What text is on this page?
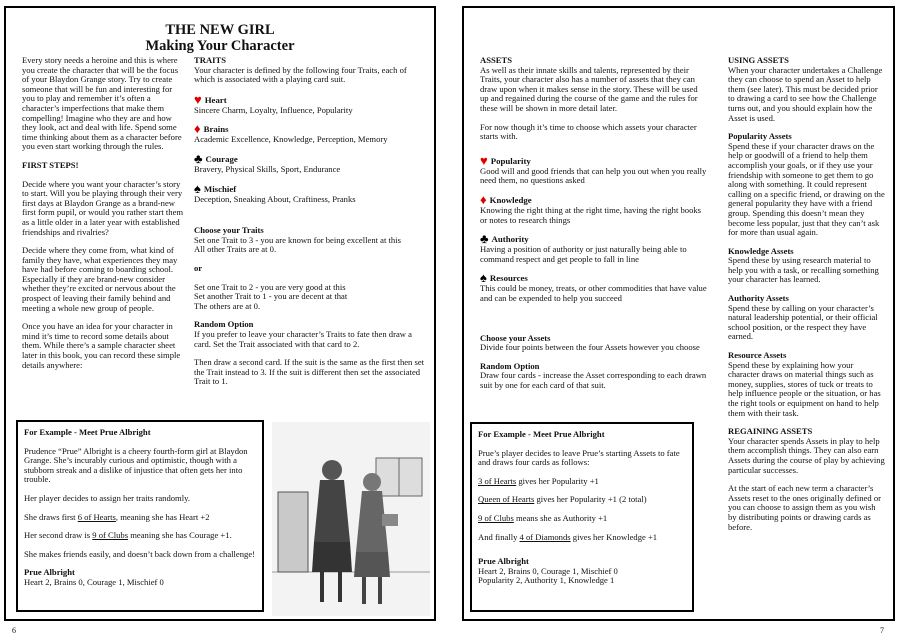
THE NEW GIRL
Making Your Character

Every story needs a heroine and this is where you create the character that will be the focus of your Blaydon Grange story. Try to create someone that will be fun and interesting for you to play and remember it’s often a character’s imperfections that make them compelling! Imagine who they are and how they look, act and deal with life. Spend some time thinking about them as a character before you even start working through the rules.

FIRST STEPS!

Decide where you want your character’s story to start. Will you be playing through their very first days at Blaydon Grange as a brand-new first form pupil, or would you rather start them as a little older in a later year with established friendships and rivalries?

Decide where they come from, what kind of family they have, what experiences they may have had before coming to boarding school. Especially if they are brand-new consider whether they’re excited or nervous about the prospect of leaving their family behind and meeting a whole new group of people.

Once you have an idea for your character in mind it’s time to record some details about them. While there’s a sample character sheet later in this book, you can record these simple details anywhere:

TRAITS

Your character is defined by the following four Traits, each of which is associated with a playing card suit.

♥ Heart
Sincere Charm, Loyalty, Influence, Popularity
♦ Brains
Academic Excellence, Knowledge, Perception, Memory
♣ Courage
Bravery, Physical Skills, Sport, Endurance
♠ Mischief
Deception, Sneaking About, Craftiness, Pranks
Choose your Traits
Set one Trait to 3 - you are known for being excellent at this

All other Traits are at 0.

or

Set one Trait to 2 - you are very good at this
Set another Trait to 1 - you are decent at that

The others are at 0.

Random Option

If you prefer to leave your character’s Traits to fate then draw a card. Set the Trait associated with that card to 2.

Then draw a second card. If the suit is the same as the first then set the Trait instead to 3. If the suit is different then set the associated Trait to 1.

For Example - Meet Prue Albright

Prudence “Prue” Albright is a cheery fourth-form girl at Blaydon Grange. She’s incurably curious and optimistic, though with a stubborn streak and a dislike of injustice that often gets her into trouble.

Her player decides to assign her traits randomly.

She draws first 6 of Hearts, meaning she has Heart +2

Her second draw is 9 of Clubs meaning she has Courage +1.

She makes friends easily, and doesn’t back down from a challenge!

Prue Albright
Heart 2, Brains 0, Courage 1, Mischief 0
6
ASSETS

As well as their innate skills and talents, represented by their Traits, your character also has a number of assets that they can draw upon when it makes sense in the story. These will be used up and regained during the course of the game and the rules for these will be shown in more detail later.

For now though it’s time to choose which assets your character starts with.

♥ Popularity
Good will and good friends that can help you out when you really need them, no questions asked
♦ Knowledge
Knowing the right thing at the right time, having the right books or notes to research things
♣ Authority
Having a position of authority or just naturally being able to command respect and get people to fall in line
♠ Resources
This could be money, treats, or other commodities that have value and can be expended to help you succeed
Choose your Assets

Divide four points between the four Assets however you choose

Random Option

Draw four cards - increase the Asset corresponding to each drawn suit by one for each card of that suit.

For Example - Meet Prue Albright

Prue’s player decides to leave Prue’s starting Assets to fate and draws four cards as follows:

3 of Hearts gives her Popularity +1

Queen of Hearts gives her Popularity +1 (2 total)

9 of Clubs means she as Authority +1

And finally 4 of Diamonds gives her Knowledge +1

Prue Albright
Heart 2, Brains 0, Courage 1, Mischief 0
Popularity 2, Authority 1, Knowledge 1
USING ASSETS

When your character undertakes a Challenge they can choose to spend an Asset to help them (see later). This must be decided prior to drawing a card to see how the Challenge turns out, and you should explain how the Asset is used.

Popularity Assets

Spend these if your character draws on the help or goodwill of a friend to help them accomplish your goals, or if they use your friendship with someone to get them to go along with something. It could represent calling on a specific friend, or drawing on the general popularity they have with a friend group. Spending this doesn’t mean they become less popular, just that they can’t ask for more than usual again.

Knowledge Assets

Spend these by using research material to help you with a task, or recalling something your character has learned.

Authority Assets

Spend these by calling on your character’s natural leadership potential, or their official school position, or the respect they have earned.

Resource Assets

Spend these by explaining how your character draws on material things such as money, supplies, stores of tuck or treats to help influence people or the situation, or has the right tools or equipment on hand to help them with their task.

REGAINING ASSETS

Your character spends Assets in play to help them accomplish things. They can also earn Assets during the course of play by achieving particular successes.

At the start of each new term a character’s Assets reset to the ones originally defined or you can choose to assign them as you wish by distributing points or drawing cards as before.

7
